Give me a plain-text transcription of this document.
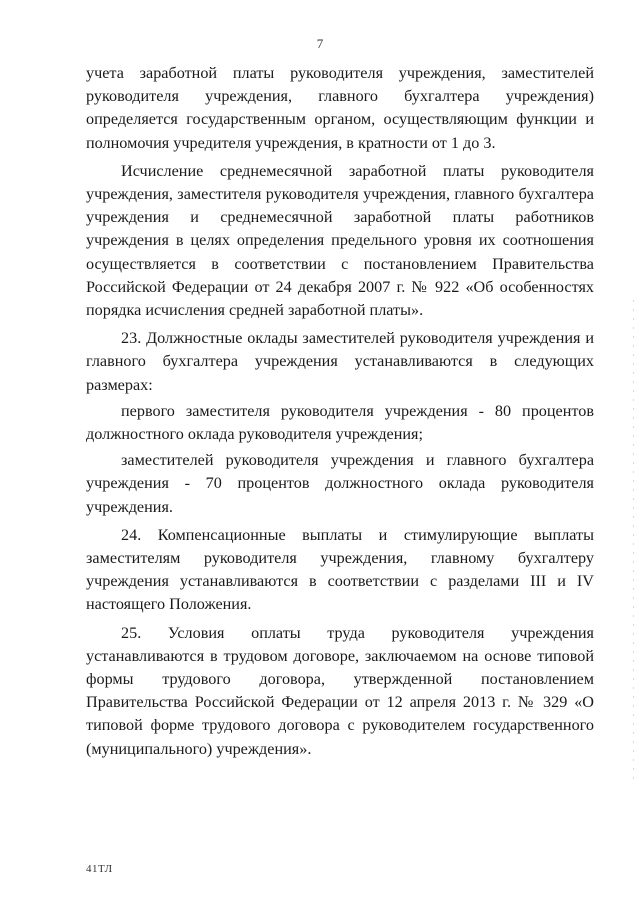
7

учета заработной платы руководителя учреждения, заместителей руководителя учреждения, главного бухгалтера учреждения) определяется государственным органом, осуществляющим функции и полномочия учредителя учреждения, в кратности от 1 до 3.

Исчисление среднемесячной заработной платы руководителя учреждения, заместителя руководителя учреждения, главного бухгалтера учреждения и среднемесячной заработной платы работников учреждения в целях определения предельного уровня их соотношения осуществляется в соответствии с постановлением Правительства Российской Федерации от 24 декабря 2007 г. № 922 «Об особенностях порядка исчисления средней заработной платы».

23. Должностные оклады заместителей руководителя учреждения и главного бухгалтера учреждения устанавливаются в следующих размерах:

первого заместителя руководителя учреждения - 80 процентов должностного оклада руководителя учреждения;

заместителей руководителя учреждения и главного бухгалтера учреждения - 70 процентов должностного оклада руководителя учреждения.

24. Компенсационные выплаты и стимулирующие выплаты заместителям руководителя учреждения, главному бухгалтеру учреждения устанавливаются в соответствии с разделами III и IV настоящего Положения.

25. Условия оплаты труда руководителя учреждения устанавливаются в трудовом договоре, заключаемом на основе типовой формы трудового договора, утвержденной постановлением Правительства Российской Федерации от 12 апреля 2013 г. № 329 «О типовой форме трудового договора с руководителем государственного (муниципального) учреждения».

41ТЛ
